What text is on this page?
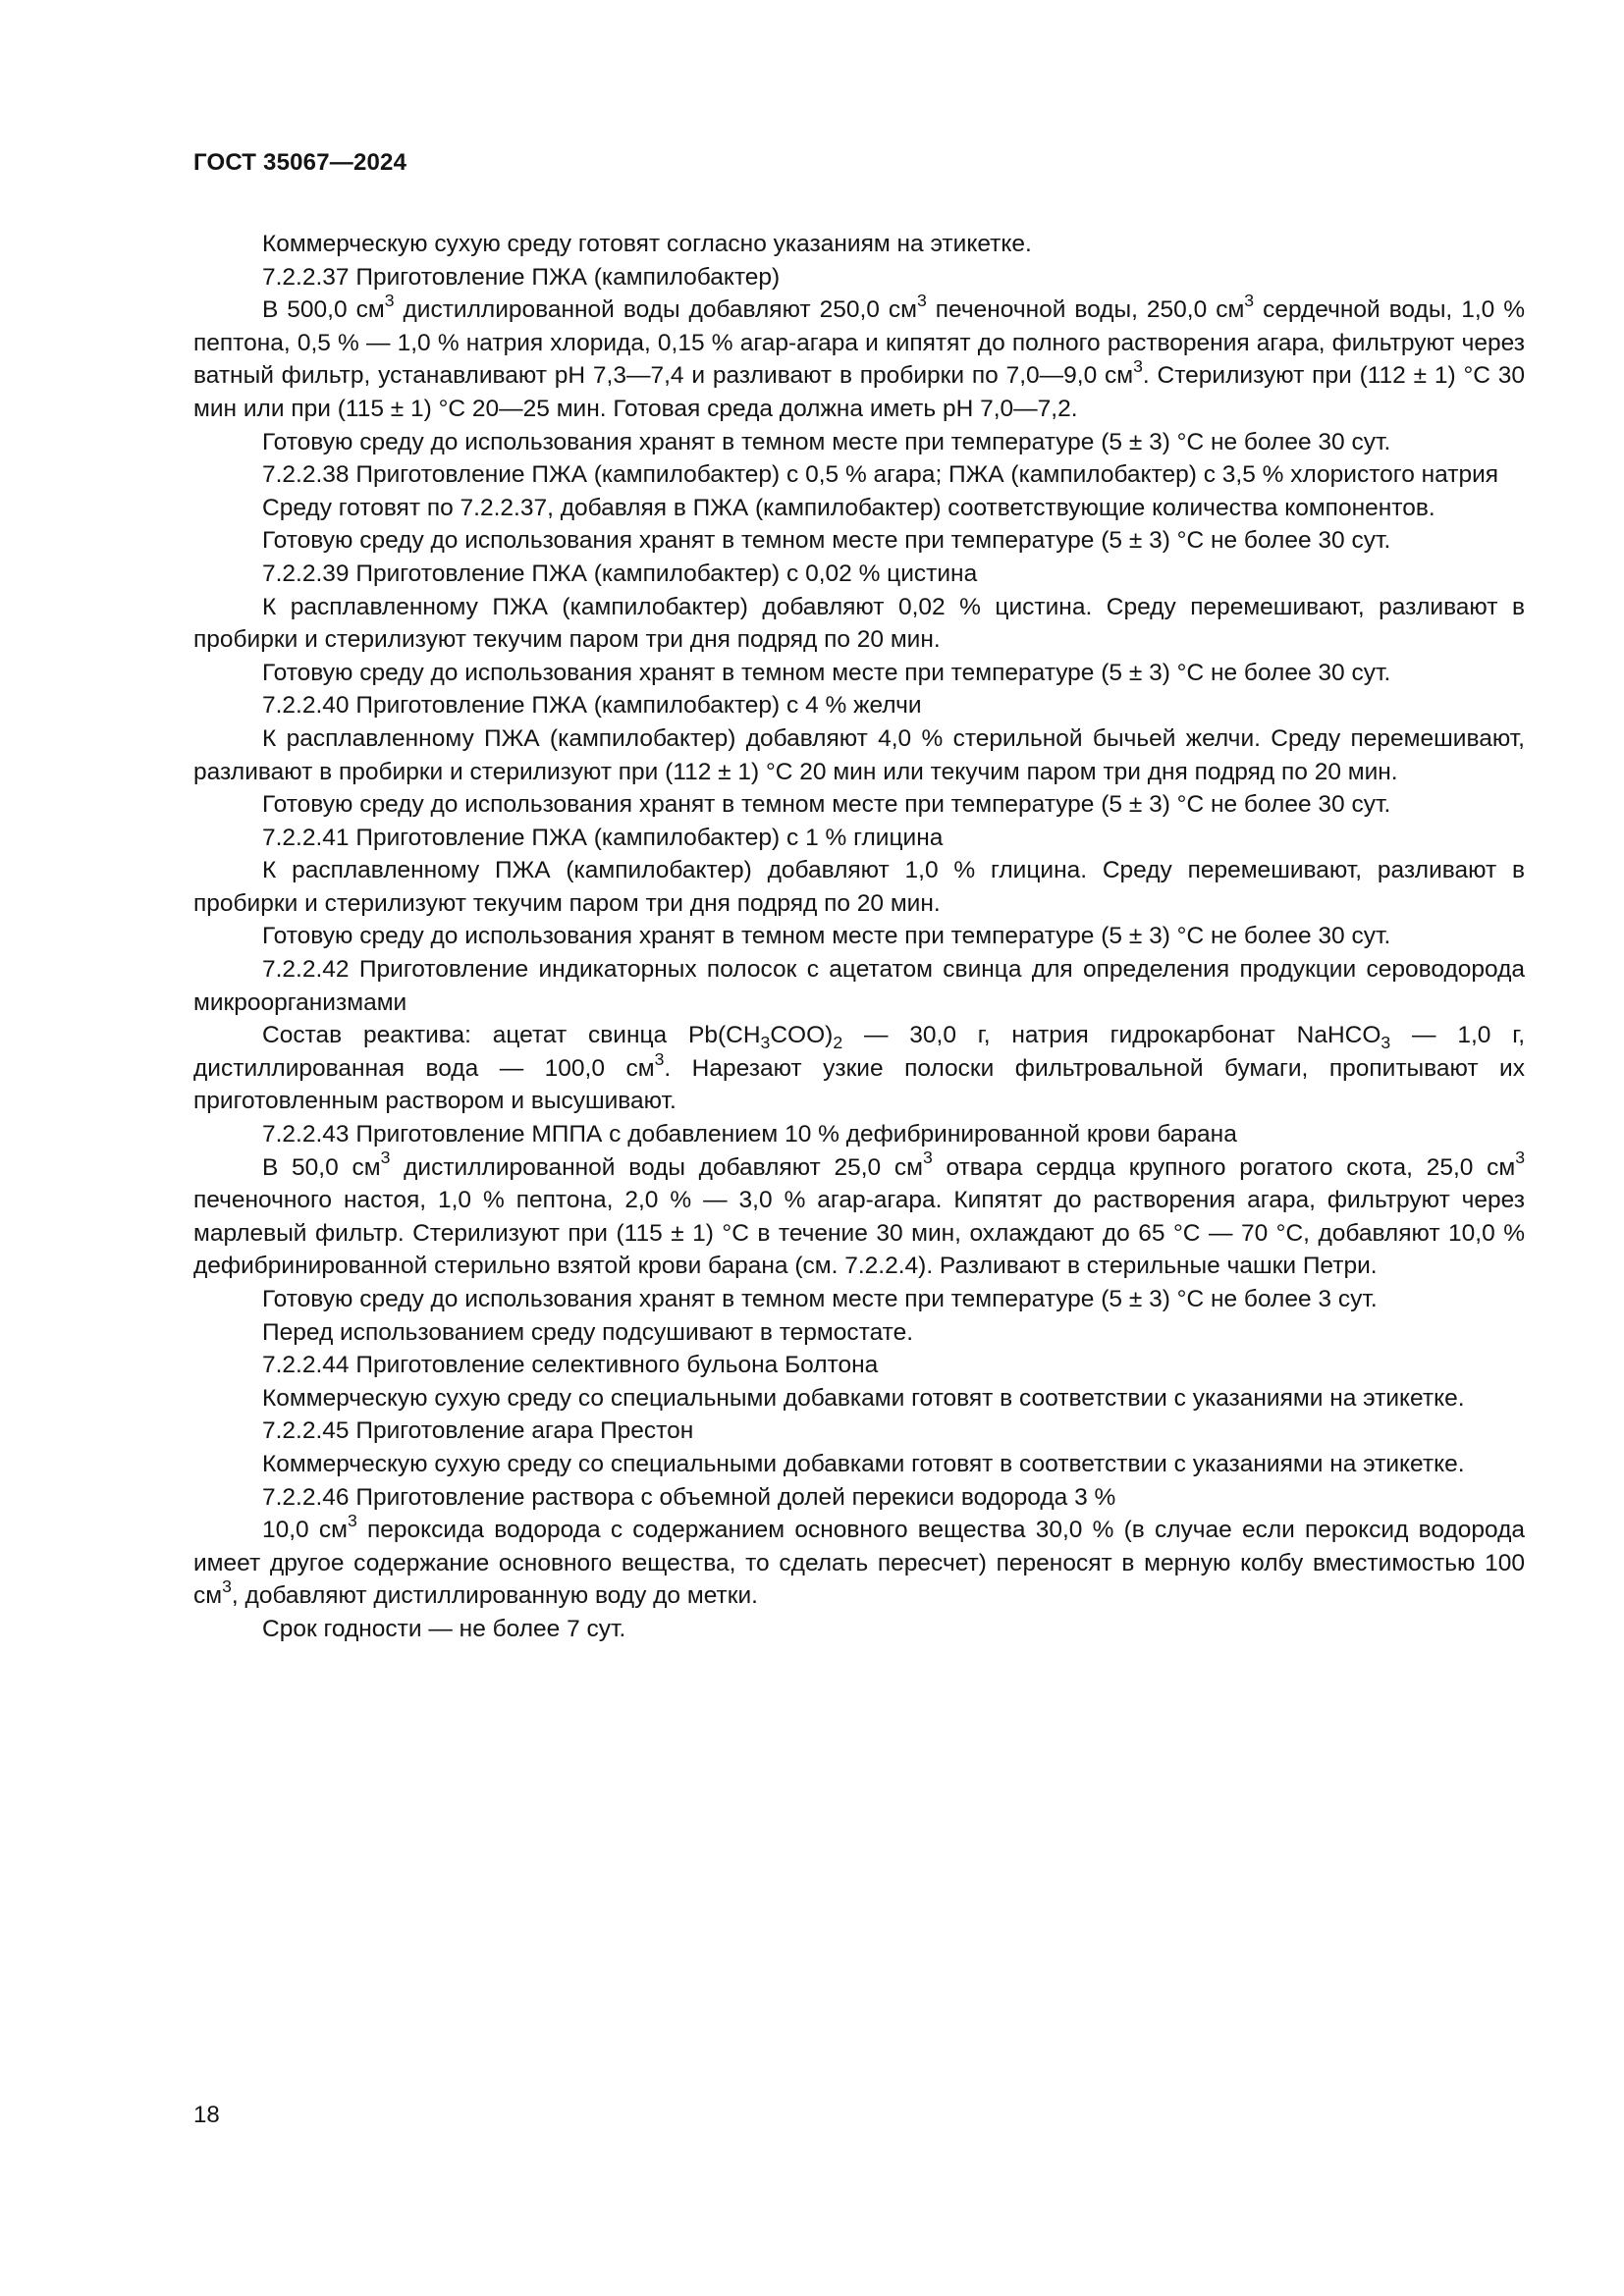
ГОСТ 35067—2024

Коммерческую сухую среду готовят согласно указаниям на этикетке.

7.2.2.37 Приготовление ПЖА (кампилобактер)

В 500,0 $см^3$ дистиллированной воды добавляют 250,0 $см^3$ печеночной воды, 250,0 $см^3$ сердечной воды, 1,0 % пептона, 0,5 % — 1,0 % натрия хлорида, 0,15 % агар-агара и кипятят до полного растворения агара, фильтруют через ватный фильтр, устанавливают рН 7,3—7,4 и разливают в пробирки по 7,0—9,0 $см^3$. Стерилизуют при (112 ± 1) °С 30 мин или при (115 ± 1) °С 20—25 мин. Готовая среда должна иметь рН 7,0—7,2.

Готовую среду до использования хранят в темном месте при температуре (5 ± 3) °С не более 30 сут.

7.2.2.38 Приготовление ПЖА (кампилобактер) с 0,5 % агара; ПЖА (кампилобактер) с 3,5 % хлористого натрия

Среду готовят по 7.2.2.37, добавляя в ПЖА (кампилобактер) соответствующие количества компонентов.

Готовую среду до использования хранят в темном месте при температуре (5 ± 3) °С не более 30 сут.

7.2.2.39 Приготовление ПЖА (кампилобактер) с 0,02 % цистина

К расплавленному ПЖА (кампилобактер) добавляют 0,02 % цистина. Среду перемешивают, разливают в пробирки и стерилизуют текучим паром три дня подряд по 20 мин.

Готовую среду до использования хранят в темном месте при температуре (5 ± 3) °С не более 30 сут.

7.2.2.40 Приготовление ПЖА (кампилобактер) с 4 % желчи

К расплавленному ПЖА (кампилобактер) добавляют 4,0 % стерильной бычьей желчи. Среду перемешивают, разливают в пробирки и стерилизуют при (112 ± 1) °С 20 мин или текучим паром три дня подряд по 20 мин.

Готовую среду до использования хранят в темном месте при температуре (5 ± 3) °С не более 30 сут.

7.2.2.41 Приготовление ПЖА (кампилобактер) с 1 % глицина

К расплавленному ПЖА (кампилобактер) добавляют 1,0 % глицина. Среду перемешивают, разливают в пробирки и стерилизуют текучим паром три дня подряд по 20 мин.

Готовую среду до использования хранят в темном месте при температуре (5 ± 3) °С не более 30 сут.

7.2.2.42 Приготовление индикаторных полосок с ацетатом свинца для определения продукции сероводорода микроорганизмами

Состав реактива: ацетат свинца $Pb(CH_3COO)_2$ — 30,0 г, натрия гидрокарбонат NaHCO$_3$ — 1,0 г, дистиллированная вода — 100,0 $см^3$. Нарезают узкие полоски фильтровальной бумаги, пропитывают их приготовленным раствором и высушивают.

7.2.2.43 Приготовление МППА с добавлением 10 % дефибринированной крови барана

В 50,0 $см^3$ дистиллированной воды добавляют 25,0 $см^3$ отвара сердца крупного рогатого скота, 25,0 $см^3$ печеночного настоя, 1,0 % пептона, 2,0 % — 3,0 % агар-агара. Кипятят до растворения агара, фильтруют через марлевый фильтр. Стерилизуют при (115 ± 1) °С в течение 30 мин, охлаждают до 65 °С — 70 °С, добавляют 10,0 % дефибринированной стерильно взятой крови барана (см. 7.2.2.4). Разливают в стерильные чашки Петри.

Готовую среду до использования хранят в темном месте при температуре (5 ± 3) °С не более 3 сут.

Перед использованием среду подсушивают в термостате.

7.2.2.44 Приготовление селективного бульона Болтона

Коммерческую сухую среду со специальными добавками готовят в соответствии с указаниями на этикетке.

7.2.2.45 Приготовление агара Престон

Коммерческую сухую среду со специальными добавками готовят в соответствии с указаниями на этикетке.

7.2.2.46 Приготовление раствора с объемной долей перекиси водорода 3 %

10,0 $см^3$ пероксида водорода с содержанием основного вещества 30,0 % (в случае если пероксид водорода имеет другое содержание основного вещества, то сделать пересчет) переносят в мерную колбу вместимостью 100 $см^3$, добавляют дистиллированную воду до метки.

Срок годности — не более 7 сут.

18
